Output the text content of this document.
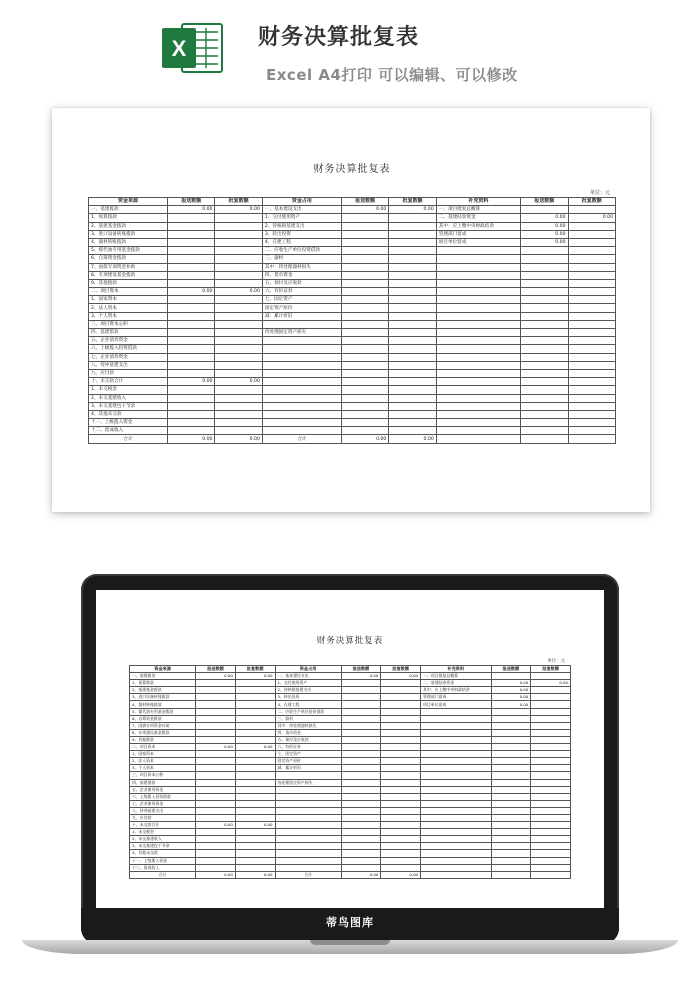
X	财务决算批复表
Excel A4打印 可以编辑、可以修改
财务决算批复表
单位：元
资金来源	报送数额	批复数额	资金占用	报送数额	批复数额	补充资料	报送数额	批复数额
一、基建拨款	0.00	0.00	一、基本建设支出	0.00	0.00	一、项目批复总概算		
1、预算拨款			1、交付使用资产			二、基建结余资金	0.00	0.00
2、基建基金拨款			2、待核销基建支出			其中：应上缴中央财政结余	0.00	
3、进口设备转账拨款			3、转出投资			管理部门留成	0.00	
4、器材转账拨款			4、在建工程			项目单位留成	0.00	
5、煤代油专用基金拨款			二、应收生产单位投资借款					
6、自筹资金拨款			三、器材					
7、国债专项资金补助			其中：待处理器材损失					
8、专项建设基金拨款			四、货币资金					
9、其他拨款			五、预付及应收款					
二、项目资本	0.00	0.00	六、有价证券					
1、国家资本			七、固定资产					
2、法人资本			固定资产原价					
3、个人资本			减：累计折旧					
三、项目资本公积								
四、基建借款			待处理固定资产损失					
五、企业债券资金								
六、上级拨入投资借款								
七、企业债券资金								
八、待冲基建支出								
九、应付款								
十、未交款合计	0.00	0.00						
1、未交税金								
2、未交基建收入								
3、未交基建包干节余								
4、其他未交款								
十一、上级拨入资金								
十二、留成收入								
合计	0.00	0.00	合计	0.00	0.00			
财务决算批复表
单位：元
资金来源	报送数额	批复数额	资金占用	报送数额	批复数额	补充资料	报送数额	批复数额
一、基建拨款	0.00	0.00	一、基本建设支出	0.00	0.00	一、项目批复总概算		
1、预算拨款			1、交付使用资产			二、基建结余资金	0.00	0.00
2、基建基金拨款			2、待核销基建支出			其中：应上缴中央财政结余	0.00	
3、进口设备转账拨款			3、转出投资			管理部门留成	0.00	
4、器材转账拨款			4、在建工程			项目单位留成	0.00	
5、煤代油专用基金拨款			二、应收生产单位投资借款					
6、自筹资金拨款			三、器材					
7、国债专项资金补助			其中：待处理器材损失					
8、专项建设基金拨款			四、货币资金					
9、其他拨款			五、预付及应收款					
二、项目资本	0.00	0.00	六、有价证券					
1、国家资本			七、固定资产					
2、法人资本			固定资产原价					
3、个人资本			减：累计折旧					
三、项目资本公积								
四、基建借款			待处理固定资产损失					
五、企业债券资金								
六、上级拨入投资借款								
七、企业债券资金								
八、待冲基建支出								
九、应付款								
十、未交款合计	0.00	0.00						
1、未交税金								
2、未交基建收入								
3、未交基建包干节余								
4、其他未交款								
十一、上级拨入资金								
十二、留成收入								
合计	0.00	0.00	合计	0.00	0.00			
蒂鸟图库
